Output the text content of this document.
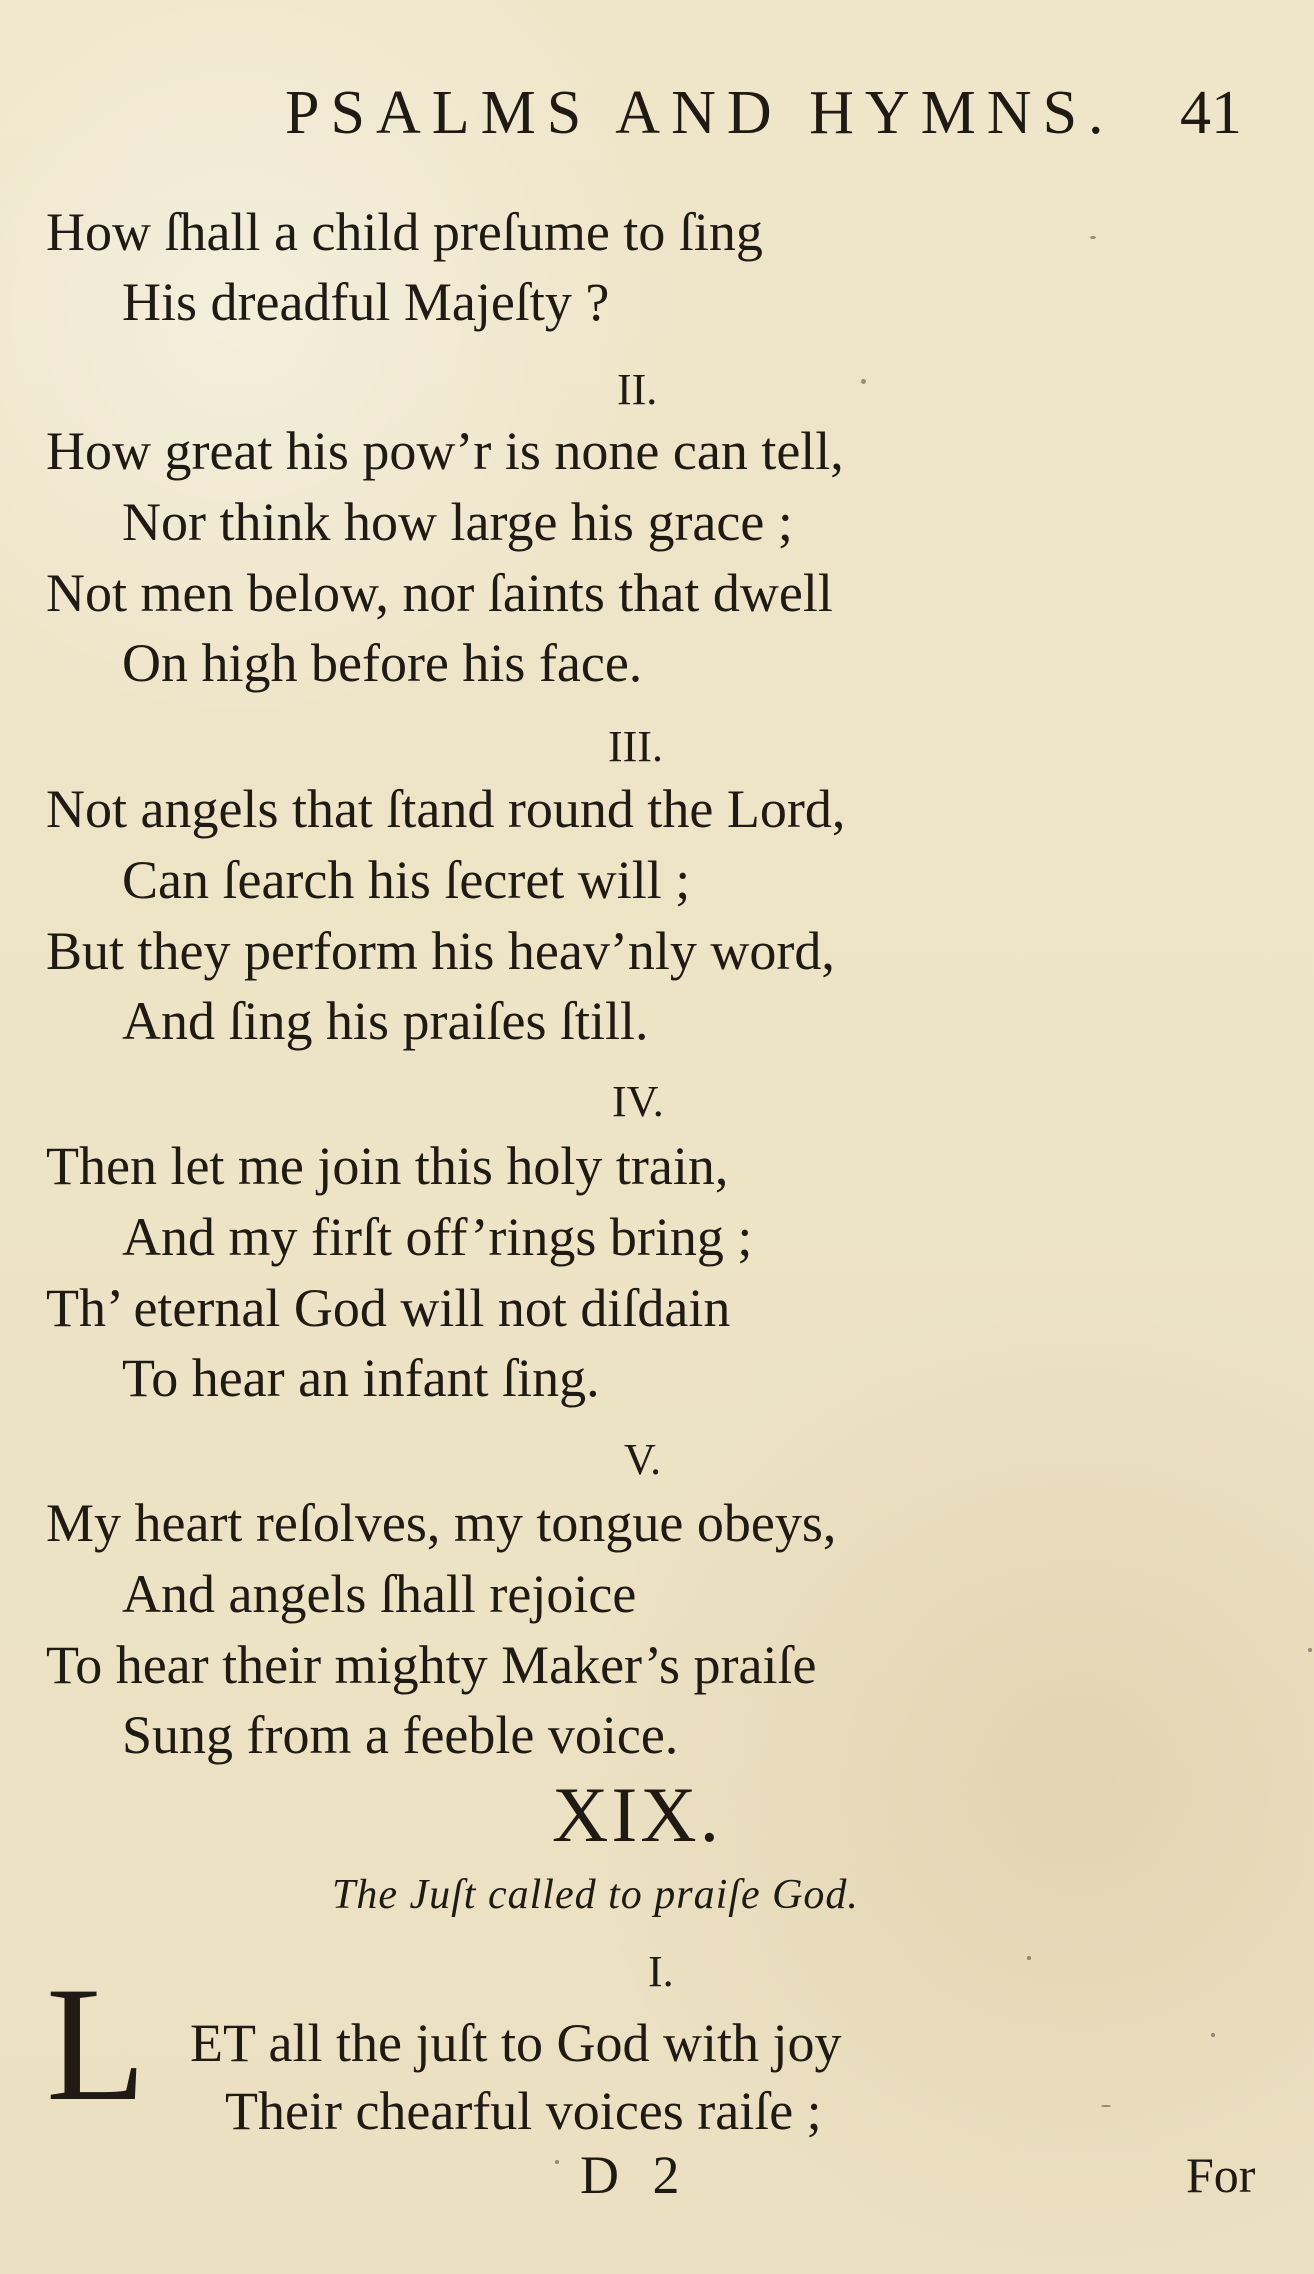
PSALMS AND HYMNS. 41
How ſhall a child preſume to ſing
His dreadful Majeſty ?
II.
How great his pow’r is none can tell,
Nor think how large his grace ;
Not men below, nor ſaints that dwell
On high before his face.
III.
Not angels that ſtand round the Lord,
Can ſearch his ſecret will ;
But they perform his heav’nly word,
And ſing his praiſes ſtill.
IV.
Then let me join this holy train,
And my firſt off’rings bring ;
Th’ eternal God will not diſdain
To hear an infant ſing.
V.
My heart reſolves, my tongue obeys,
And angels ſhall rejoice
To hear their mighty Maker’s praiſe
Sung from a feeble voice.
XIX.
The Juſt called to praiſe God.
I.
L ET all the juſt to God with joy
Their chearful voices raiſe ;
D 2	For
